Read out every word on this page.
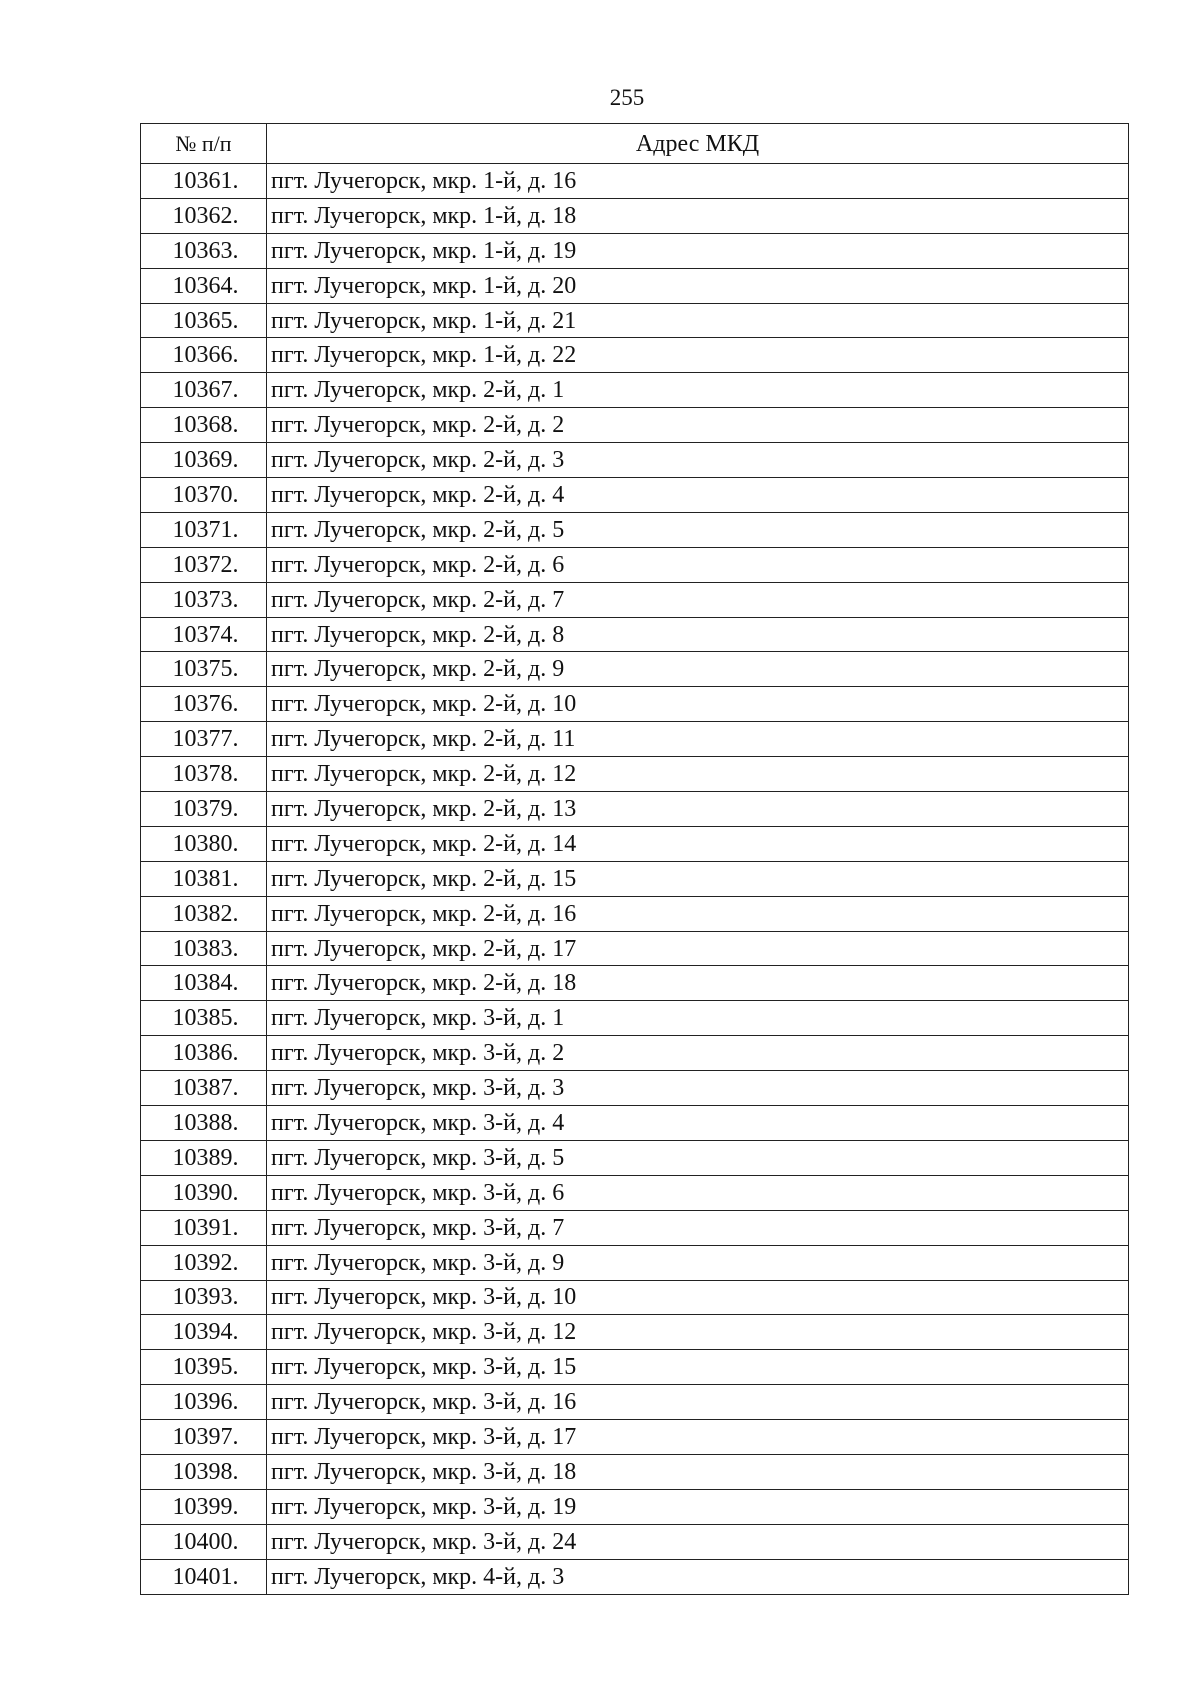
255
№ п/п	Адрес МКД
10361.	пгт. Лучегорск, мкр. 1-й, д. 16
10362.	пгт. Лучегорск, мкр. 1-й, д. 18
10363.	пгт. Лучегорск, мкр. 1-й, д. 19
10364.	пгт. Лучегорск, мкр. 1-й, д. 20
10365.	пгт. Лучегорск, мкр. 1-й, д. 21
10366.	пгт. Лучегорск, мкр. 1-й, д. 22
10367.	пгт. Лучегорск, мкр. 2-й, д. 1
10368.	пгт. Лучегорск, мкр. 2-й, д. 2
10369.	пгт. Лучегорск, мкр. 2-й, д. 3
10370.	пгт. Лучегорск, мкр. 2-й, д. 4
10371.	пгт. Лучегорск, мкр. 2-й, д. 5
10372.	пгт. Лучегорск, мкр. 2-й, д. 6
10373.	пгт. Лучегорск, мкр. 2-й, д. 7
10374.	пгт. Лучегорск, мкр. 2-й, д. 8
10375.	пгт. Лучегорск, мкр. 2-й, д. 9
10376.	пгт. Лучегорск, мкр. 2-й, д. 10
10377.	пгт. Лучегорск, мкр. 2-й, д. 11
10378.	пгт. Лучегорск, мкр. 2-й, д. 12
10379.	пгт. Лучегорск, мкр. 2-й, д. 13
10380.	пгт. Лучегорск, мкр. 2-й, д. 14
10381.	пгт. Лучегорск, мкр. 2-й, д. 15
10382.	пгт. Лучегорск, мкр. 2-й, д. 16
10383.	пгт. Лучегорск, мкр. 2-й, д. 17
10384.	пгт. Лучегорск, мкр. 2-й, д. 18
10385.	пгт. Лучегорск, мкр. 3-й, д. 1
10386.	пгт. Лучегорск, мкр. 3-й, д. 2
10387.	пгт. Лучегорск, мкр. 3-й, д. 3
10388.	пгт. Лучегорск, мкр. 3-й, д. 4
10389.	пгт. Лучегорск, мкр. 3-й, д. 5
10390.	пгт. Лучегорск, мкр. 3-й, д. 6
10391.	пгт. Лучегорск, мкр. 3-й, д. 7
10392.	пгт. Лучегорск, мкр. 3-й, д. 9
10393.	пгт. Лучегорск, мкр. 3-й, д. 10
10394.	пгт. Лучегорск, мкр. 3-й, д. 12
10395.	пгт. Лучегорск, мкр. 3-й, д. 15
10396.	пгт. Лучегорск, мкр. 3-й, д. 16
10397.	пгт. Лучегорск, мкр. 3-й, д. 17
10398.	пгт. Лучегорск, мкр. 3-й, д. 18
10399.	пгт. Лучегорск, мкр. 3-й, д. 19
10400.	пгт. Лучегорск, мкр. 3-й, д. 24
10401.	пгт. Лучегорск, мкр. 4-й, д. 3
